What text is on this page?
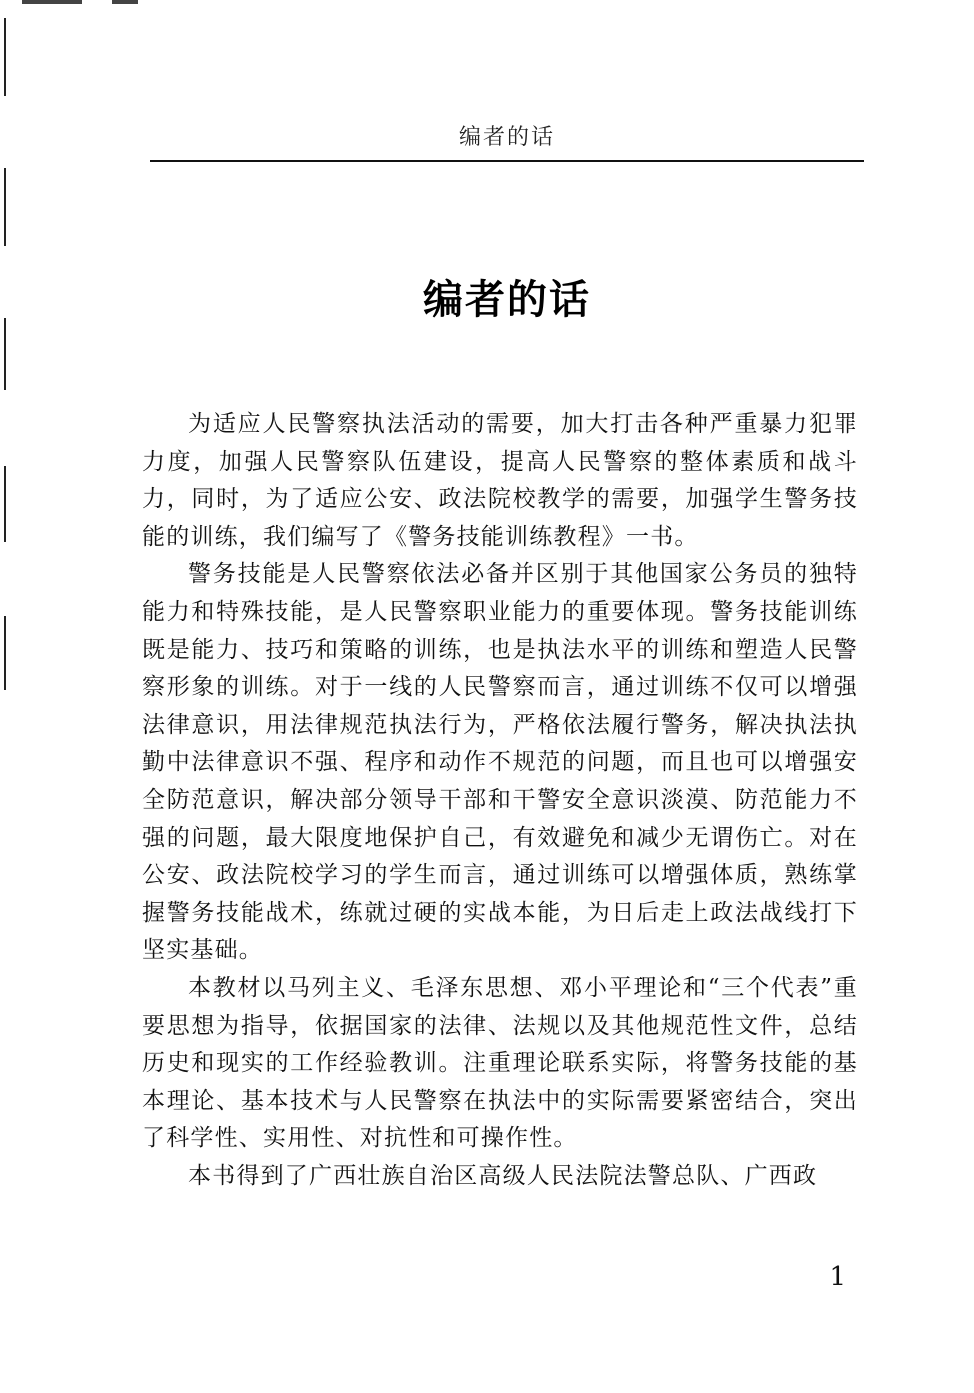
编者的话
编者的话

为适应人民警察执法活动的需要，加大打击各种严重暴力犯罪力度，加强人民警察队伍建设，提高人民警察的整体素质和战斗力，同时，为了适应公安、政法院校教学的需要，加强学生警务技能的训练，我们编写了《警务技能训练教程》一书。

警务技能是人民警察依法必备并区别于其他国家公务员的独特能力和特殊技能，是人民警察职业能力的重要体现。警务技能训练既是能力、技巧和策略的训练，也是执法水平的训练和塑造人民警察形象的训练。对于一线的人民警察而言，通过训练不仅可以增强法律意识，用法律规范执法行为，严格依法履行警务，解决执法执勤中法律意识不强、程序和动作不规范的问题，而且也可以增强安全防范意识，解决部分领导干部和干警安全意识淡漠、防范能力不强的问题，最大限度地保护自己，有效避免和减少无谓伤亡。对在公安、政法院校学习的学生而言，通过训练可以增强体质，熟练掌握警务技能战术，练就过硬的实战本能，为日后走上政法战线打下坚实基础。

本教材以马列主义、毛泽东思想、邓小平理论和“三个代表”重要思想为指导，依据国家的法律、法规以及其他规范性文件，总结历史和现实的工作经验教训。注重理论联系实际，将警务技能的基本理论、基本技术与人民警察在执法中的实际需要紧密结合，突出了科学性、实用性、对抗性和可操作性。

本书得到了广西壮族自治区高级人民法院法警总队、广西政

1
